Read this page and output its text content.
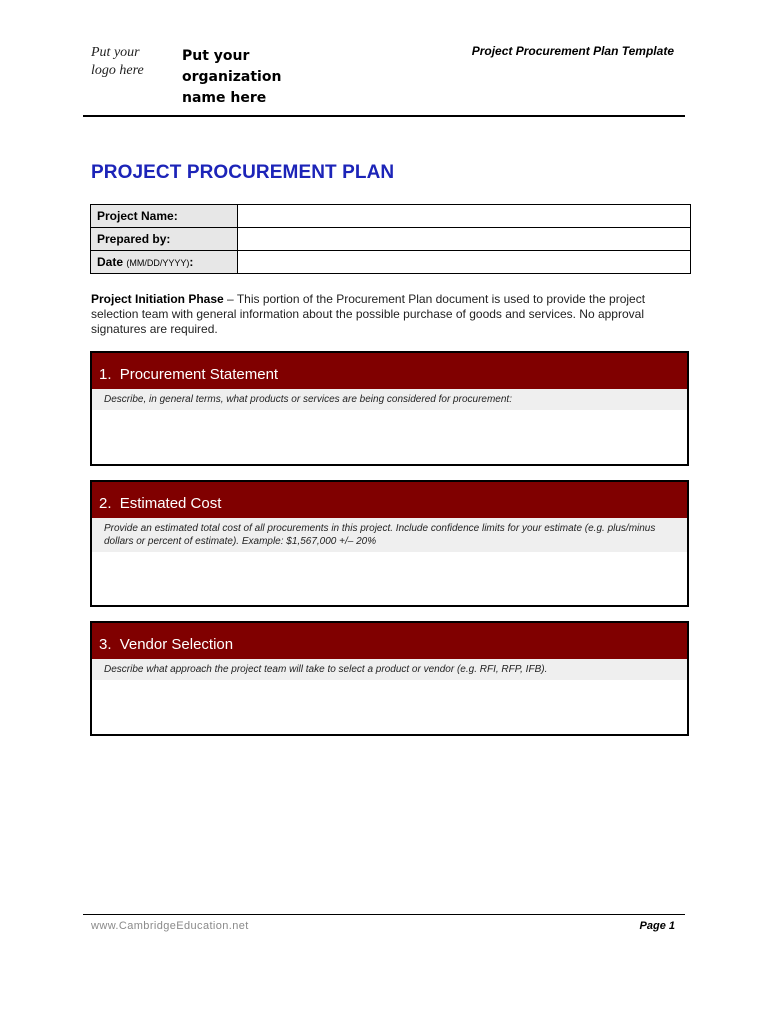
Put your
logo here
Put your
organization
name here
Project Procurement Plan Template
PROJECT PROCUREMENT PLAN
Project Name:	
Prepared by:	
Date (MM/DD/YYYY):	
Project Initiation Phase – This portion of the Procurement Plan document is used to provide the project selection team with general information about the possible purchase of goods and services. No approval signatures are required.
1. Procurement Statement
Describe, in general terms, what products or services are being considered for procurement:
2. Estimated Cost
Provide an estimated total cost of all procurements in this project. Include confidence limits for your estimate (e.g. plus/minus dollars or percent of estimate). Example: $1,567,000 +/– 20%
3. Vendor Selection
Describe what approach the project team will take to select a product or vendor (e.g. RFI, RFP, IFB).
www.CambridgeEducation.net	Page 1
